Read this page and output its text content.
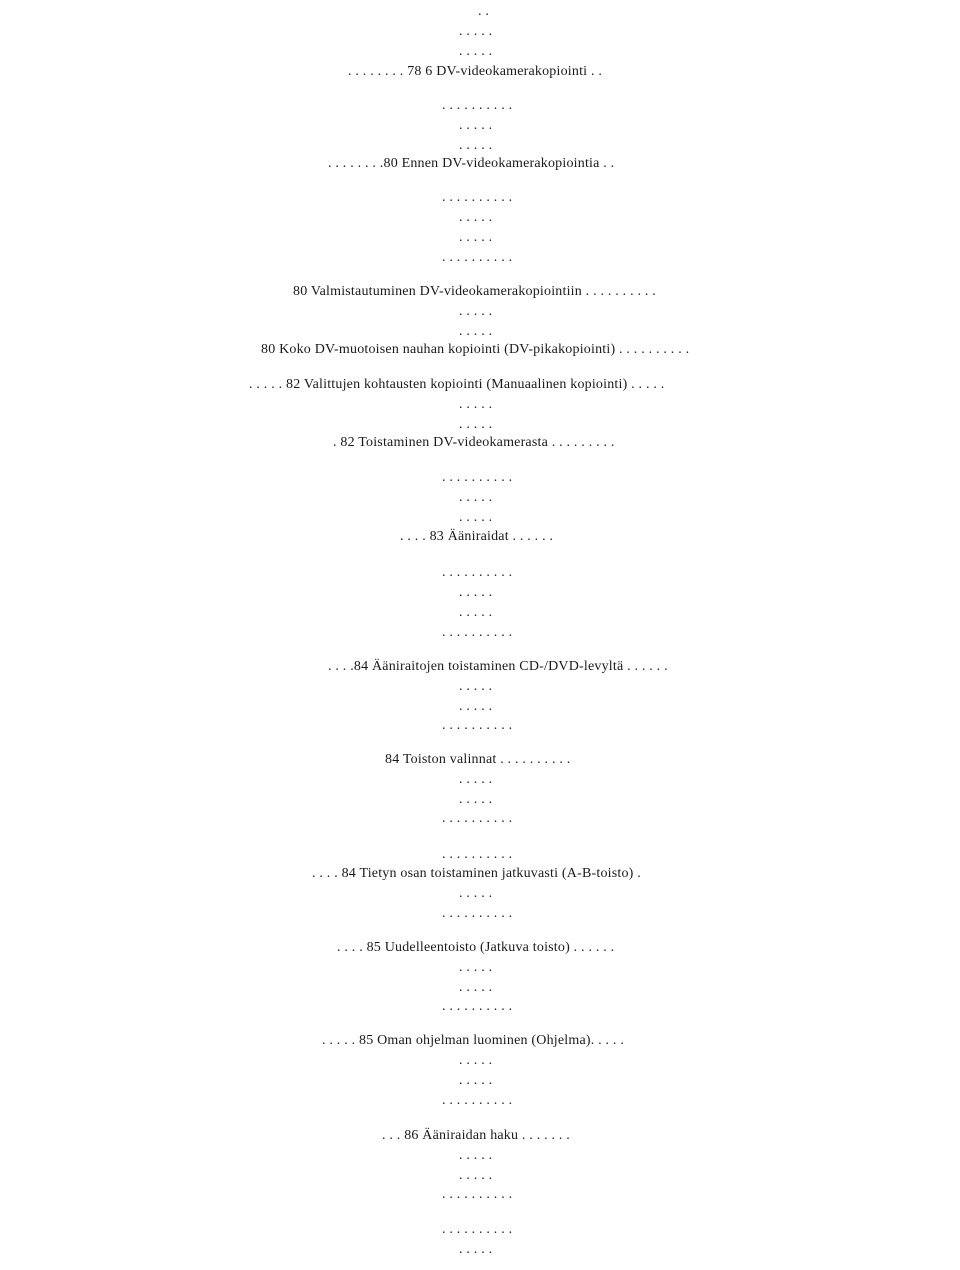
. .
. . . . .
. . . . .
. . . . . . . . 78 6 DV-videokamerakopiointi . .
. . . . . . . . . .
. . . . .
. . . . .
. . . . . . . .80 Ennen DV-videokamerakopiointia . .
. . . . . . . . . .
. . . . .
. . . . .
. . . . . . . . . .
80 Valmistautuminen DV-videokamerakopiointiin . . . . . . . . . .
. . . . .
. . . . .
80 Koko DV-muotoisen nauhan kopiointi (DV-pikakopiointi) . . . . . . . . . .
. . . . . 82 Valittujen kohtausten kopiointi (Manuaalinen kopiointi) . . . . .
. . . . .
. . . . .
. 82 Toistaminen DV-videokamerasta . . . . . . . . .
. . . . . . . . . .
. . . . .
. . . . .
. . . . 83 Ääniraidat . . . . . .
. . . . . . . . . .
. . . . .
. . . . .
. . . . . . . . . .
. . . .84 Ääniraitojen toistaminen CD-/DVD-levyltä . . . . . .
. . . . .
. . . . .
. . . . . . . . . .
84 Toiston valinnat . . . . . . . . . .
. . . . .
. . . . .
. . . . . . . . . .
. . . . . . . . . .
. . . . 84 Tietyn osan toistaminen jatkuvasti (A-B-toisto) .
. . . . .
. . . . . . . . . .
. . . . 85 Uudelleentoisto (Jatkuva toisto) . . . . . .
. . . . .
. . . . .
. . . . . . . . . .
. . . . . 85 Oman ohjelman luominen (Ohjelma). . . . .
. . . . .
. . . . .
. . . . . . . . . .
. . . 86 Ääniraidan haku . . . . . . .
. . . . .
. . . . .
. . . . . . . . . .
. . . . . . . . . .
. . . . .
